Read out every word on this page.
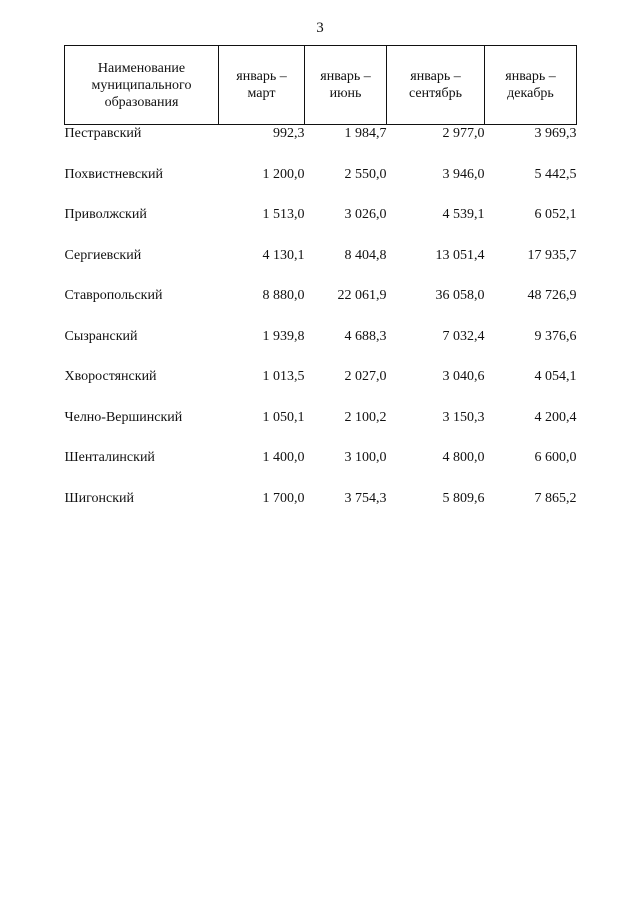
3
Наименование муниципального образования	январь – март	январь – июнь	январь – сентябрь	январь – декабрь
Пестравский	992,3	1 984,7	2 977,0	3 969,3
Похвистневский	1 200,0	2 550,0	3 946,0	5 442,5
Приволжский	1 513,0	3 026,0	4 539,1	6 052,1
Сергиевский	4 130,1	8 404,8	13 051,4	17 935,7
Ставропольский	8 880,0	22 061,9	36 058,0	48 726,9
Сызранский	1 939,8	4 688,3	7 032,4	9 376,6
Хворостянский	1 013,5	2 027,0	3 040,6	4 054,1
Челно-Вершинский	1 050,1	2 100,2	3 150,3	4 200,4
Шенталинский	1 400,0	3 100,0	4 800,0	6 600,0
Шигонский	1 700,0	3 754,3	5 809,6	7 865,2
